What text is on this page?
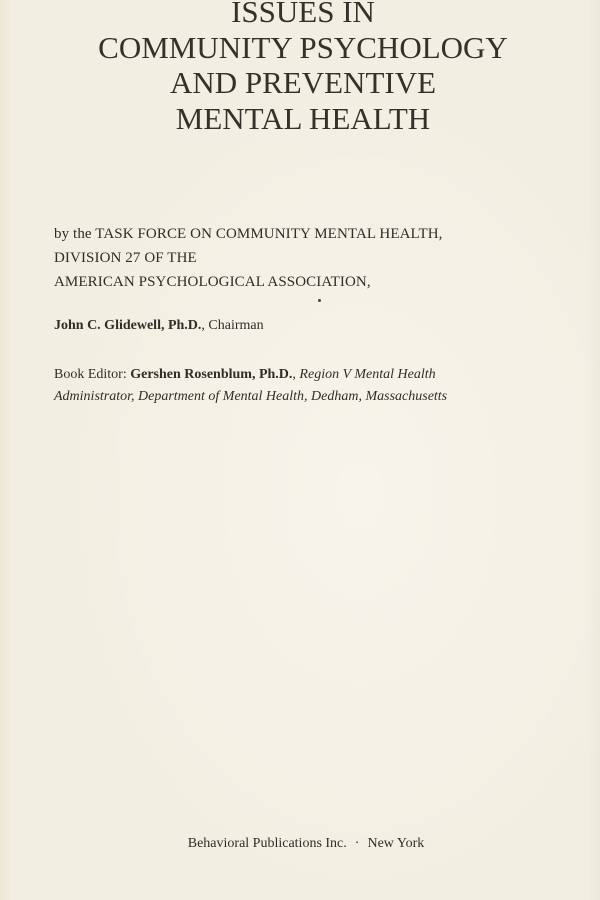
ISSUES IN
COMMUNITY PSYCHOLOGY
AND PREVENTIVE
MENTAL HEALTH
by the TASK FORCE ON COMMUNITY MENTAL HEALTH,
DIVISION 27 OF THE
AMERICAN PSYCHOLOGICAL ASSOCIATION,
John C. Glidewell, Ph.D., Chairman
Book Editor: Gershen Rosenblum, Ph.D., Region V Mental Health
Administrator, Department of Mental Health, Dedham, Massachusetts
Behavioral Publications Inc. · New York
